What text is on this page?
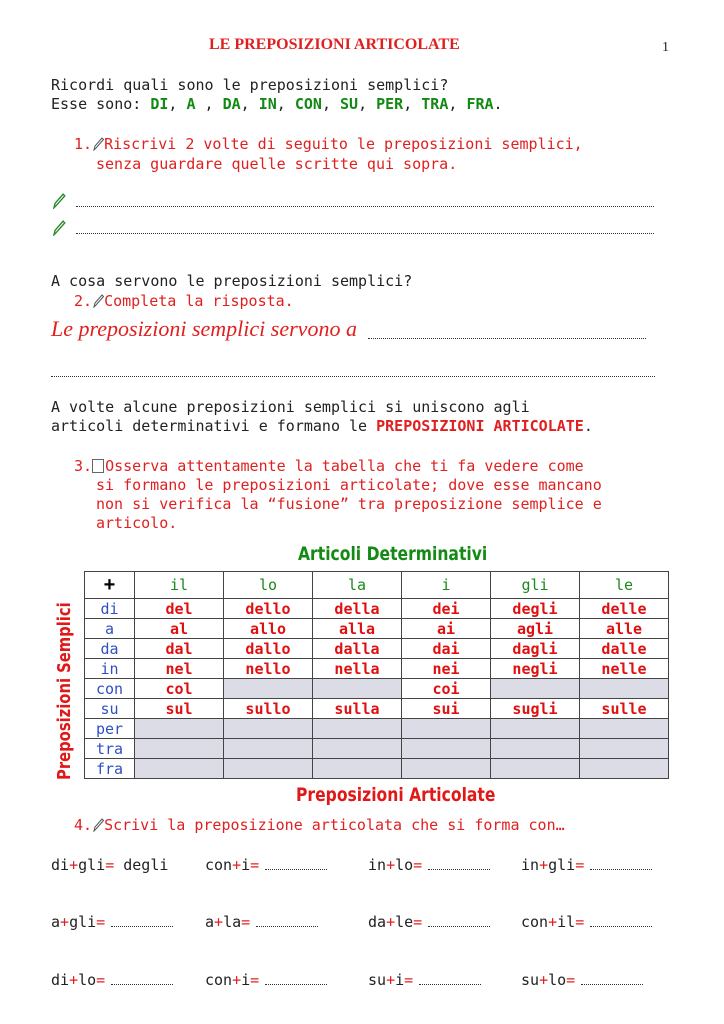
LE PREPOSIZIONI ARTICOLATE	1
Ricordi quali sono le preposizioni semplici?
Esse sono: DI, A , DA, IN, CON, SU, PER, TRA, FRA.
1. Riscrivi 2 volte di seguito le preposizioni semplici,
senza guardare quelle scritte qui sopra.

A cosa servono le preposizioni semplici?
2. Completa la risposta.
Le preposizioni semplici servono a
A volte alcune preposizioni semplici si uniscono agli
articoli determinativi e formano le PREPOSIZIONI ARTICOLATE.
3. Osserva attentamente la tabella che ti fa vedere come
si formano le preposizioni articolate; dove esse mancano
non si verifica la “fusione” tra preposizione semplice e
articolo.
Articoli Determinativi
Preposizioni Semplici
Preposizioni Articolate
+	il	lo	la	i	gli	le
di	del	dello	della	dei	degli	delle
a	al	allo	alla	ai	agli	alle
da	dal	dallo	dalla	dai	dagli	dalle
in	nel	nello	nella	nei	negli	nelle
con	col			coi		
su	sul	sullo	sulla	sui	sugli	sulle
per						
tra						
fra						
4. Scrivi la preposizione articolata che si forma con…
di+gli= degli con+i=	in+lo=	in+gli=
a+gli=	a+la=	da+le=	con+il=
di+lo=	con+i=	su+i=	su+lo=
